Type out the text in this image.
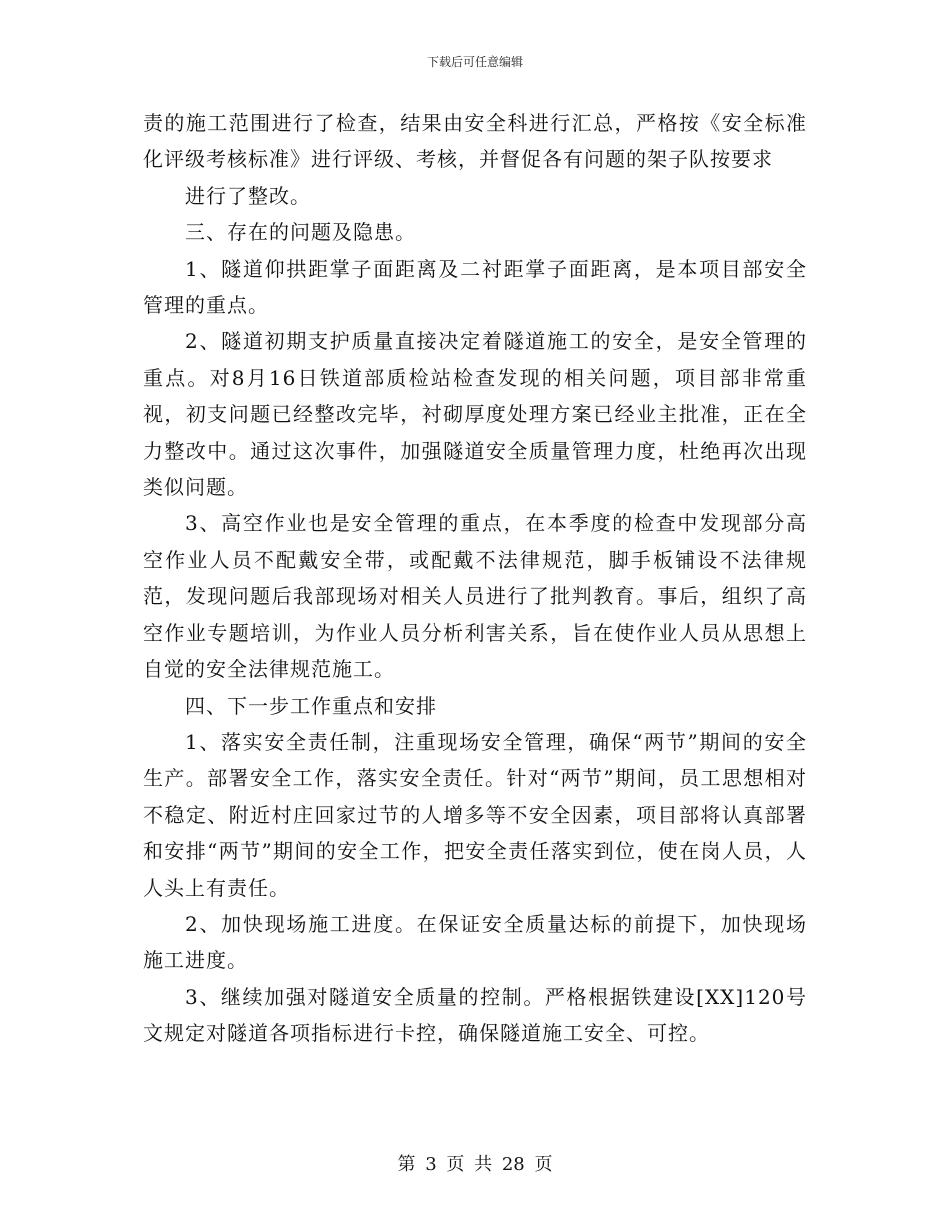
下载后可任意编辑

责的施工范围进行了检查，结果由安全科进行汇总，严格按《安全标准化评级考核标准》进行评级、考核，并督促各有问题的架子队按要求

进行了整改。

三、存在的问题及隐患。

1、隧道仰拱距掌子面距离及二衬距掌子面距离，是本项目部安全管理的重点。

2、隧道初期支护质量直接决定着隧道施工的安全，是安全管理的重点。对8月16日铁道部质检站检查发现的相关问题，项目部非常重视，初支问题已经整改完毕，衬砌厚度处理方案已经业主批准，正在全力整改中。通过这次事件，加强隧道安全质量管理力度，杜绝再次出现类似问题。

3、高空作业也是安全管理的重点，在本季度的检查中发现部分高空作业人员不配戴安全带，或配戴不法律规范，脚手板铺设不法律规范，发现问题后我部现场对相关人员进行了批判教育。事后，组织了高空作业专题培训，为作业人员分析利害关系，旨在使作业人员从思想上自觉的安全法律规范施工。

四、下一步工作重点和安排

1、落实安全责任制，注重现场安全管理，确保“两节”期间的安全生产。部署安全工作，落实安全责任。针对“两节”期间，员工思想相对不稳定、附近村庄回家过节的人增多等不安全因素，项目部将认真部署和安排“两节”期间的安全工作，把安全责任落实到位，使在岗人员，人人头上有责任。

2、加快现场施工进度。在保证安全质量达标的前提下，加快现场施工进度。

3、继续加强对隧道安全质量的控制。严格根据铁建设[XX]120号文规定对隧道各项指标进行卡控，确保隧道施工安全、可控。

第 3 页 共 28 页
